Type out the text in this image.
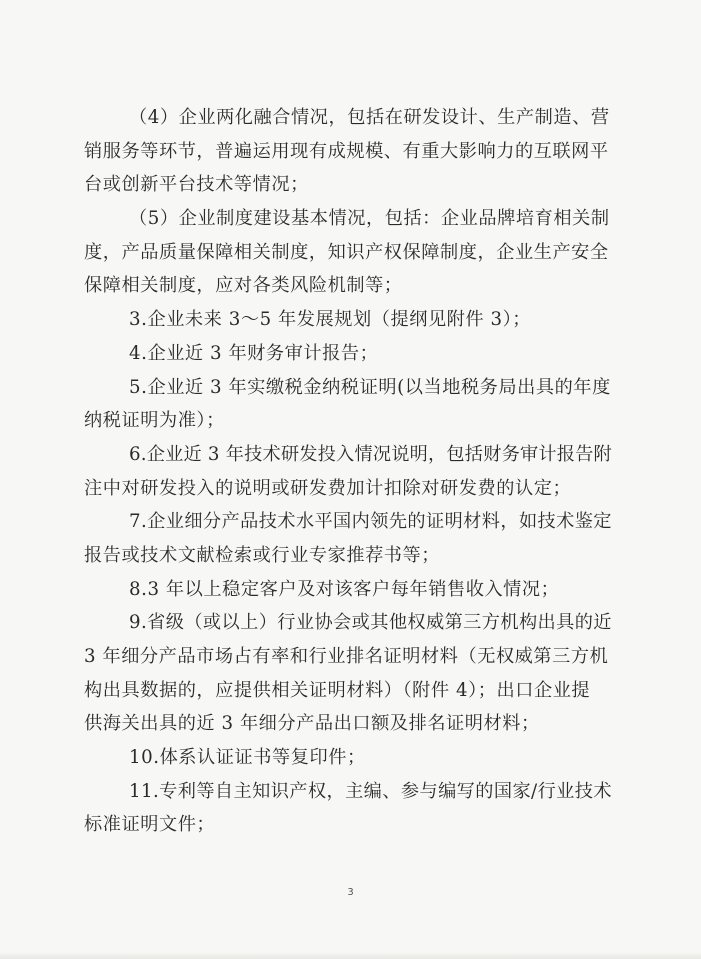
（4）企业两化融合情况，包括在研发设计、生产制造、营
销服务等环节，普遍运用现有成规模、有重大影响力的互联网平
台或创新平台技术等情况；
（5）企业制度建设基本情况，包括：企业品牌培育相关制
度，产品质量保障相关制度，知识产权保障制度，企业生产安全
保障相关制度，应对各类风险机制等；
3.企业未来 3～5 年发展规划（提纲见附件 3）；
4.企业近 3 年财务审计报告；
5.企业近 3 年实缴税金纳税证明(以当地税务局出具的年度
纳税证明为准）；
6.企业近 3 年技术研发投入情况说明，包括财务审计报告附
注中对研发投入的说明或研发费加计扣除对研发费的认定；
7.企业细分产品技术水平国内领先的证明材料，如技术鉴定
报告或技术文献检索或行业专家推荐书等；
8.3 年以上稳定客户及对该客户每年销售收入情况；
9.省级（或以上）行业协会或其他权威第三方机构出具的近
3 年细分产品市场占有率和行业排名证明材料（无权威第三方机
构出具数据的，应提供相关证明材料）（附件 4）；出口企业提
供海关出具的近 3 年细分产品出口额及排名证明材料；
10.体系认证证书等复印件；
11.专利等自主知识产权，主编、参与编写的国家/行业技术
标准证明文件；
3
